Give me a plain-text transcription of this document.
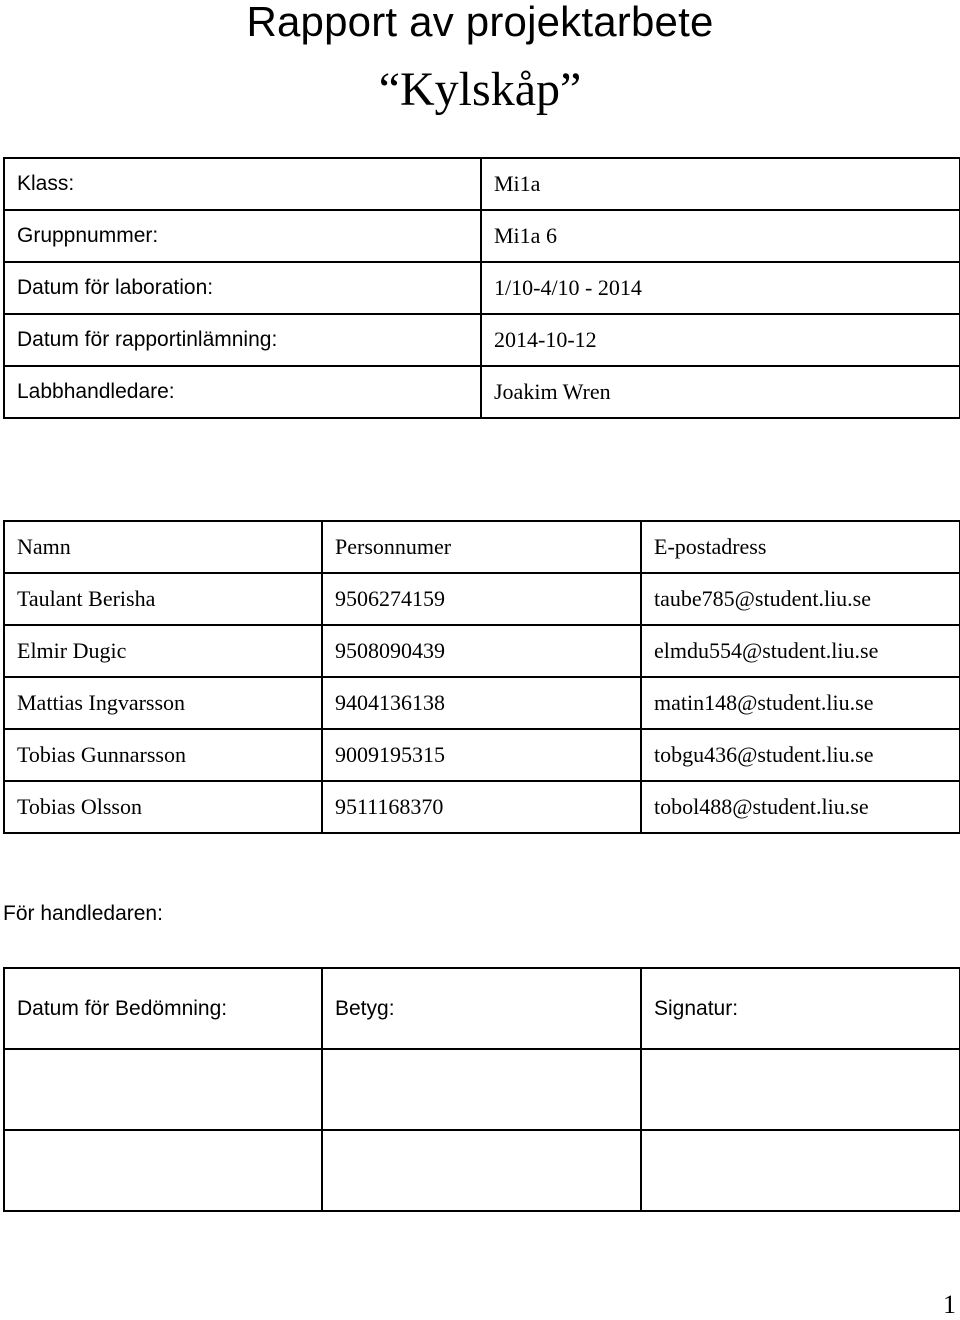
Rapport av projektarbete
“Kylskåp”
Klass:	Mi1a
Gruppnummer:	Mi1a 6
Datum för laboration:	1/10-4/10 - 2014
Datum för rapportinlämning:	2014-10-12
Labbhandledare:	Joakim Wren
Namn	Personnumer	E-postadress
Taulant Berisha	9506274159	taube785@student.liu.se
Elmir Dugic	9508090439	elmdu554@student.liu.se
Mattias Ingvarsson	9404136138	matin148@student.liu.se
Tobias Gunnarsson	9009195315	tobgu436@student.liu.se
Tobias Olsson	9511168370	tobol488@student.liu.se
För handledaren:
Datum för Bedömning:	Betyg:	Signatur:

1
